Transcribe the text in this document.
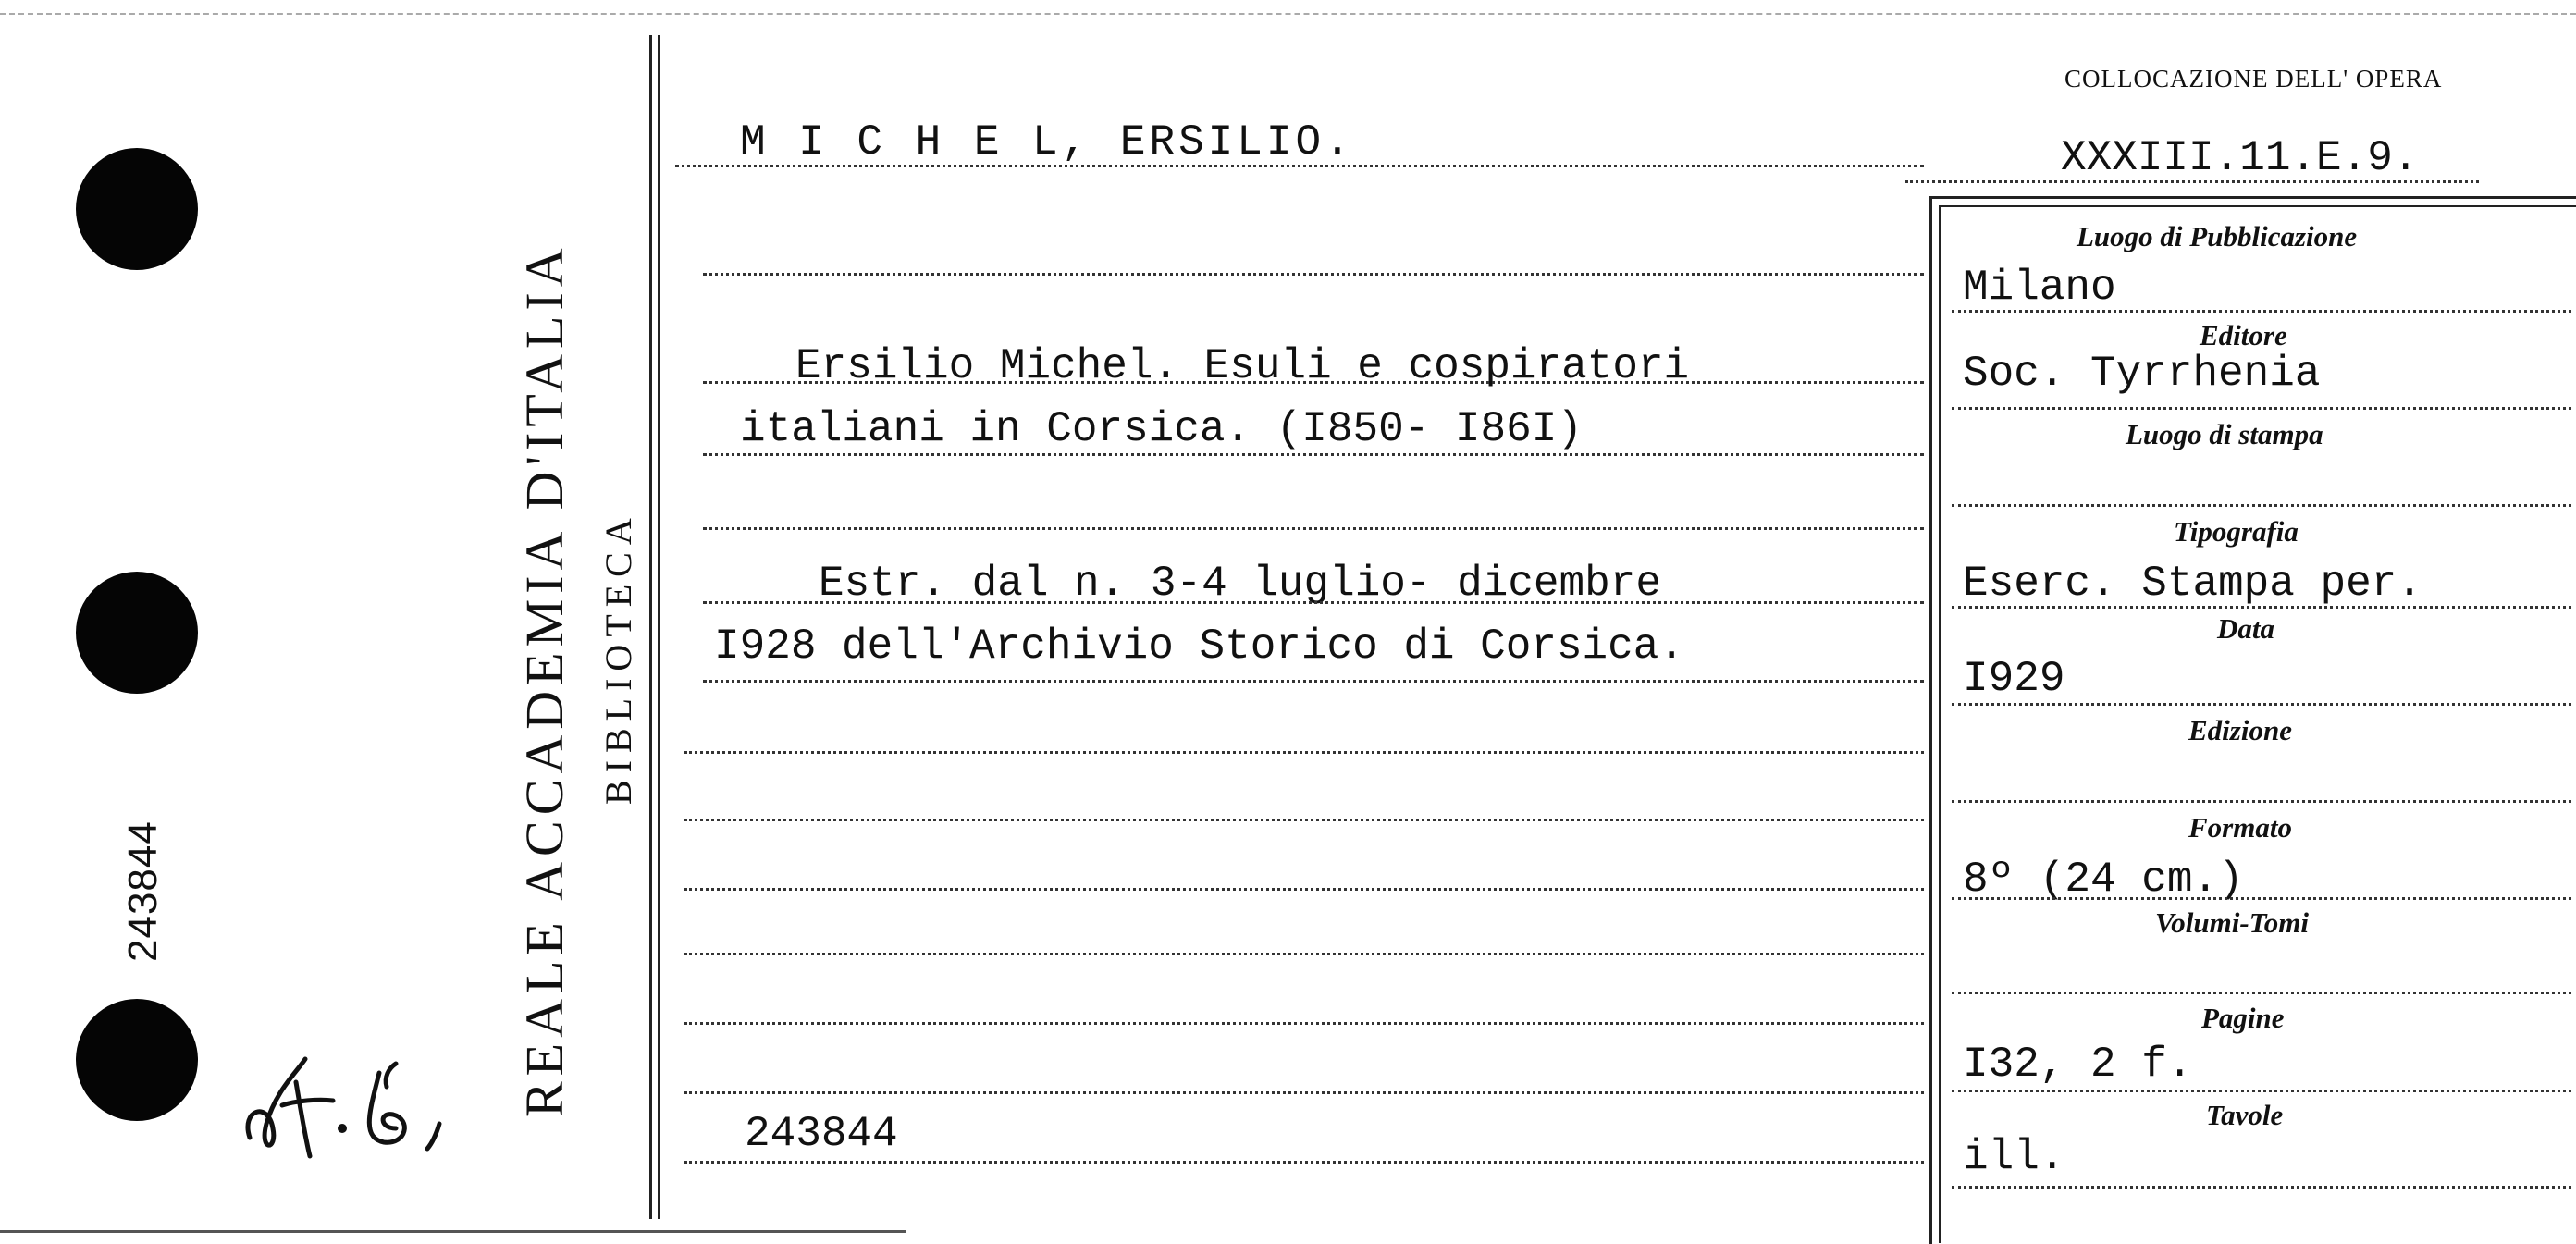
REALE ACCADEMIA D'ITALIA BIBLIOTECA
243844
COLLOCAZIONE DELL' OPERA
XXXIII.11.E.9.
M I C H E L, ERSILIO.
Ersilio Michel. Esuli e cospiratori
italiani in Corsica. (I850- I86I)
Estr. dal n. 3-4 luglio- dicembre
I928 dell'Archivio Storico di Corsica.
243844
Luogo di Pubblicazione
Milano
Editore
Soc. Tyrrhenia
Luogo di stampa
Tipografia
Eserc. Stampa per.
Data
I929
Edizione
Formato
8º (24 cm.)
Volumi-Tomi
Pagine
I32, 2 f.
Tavole
ill.
